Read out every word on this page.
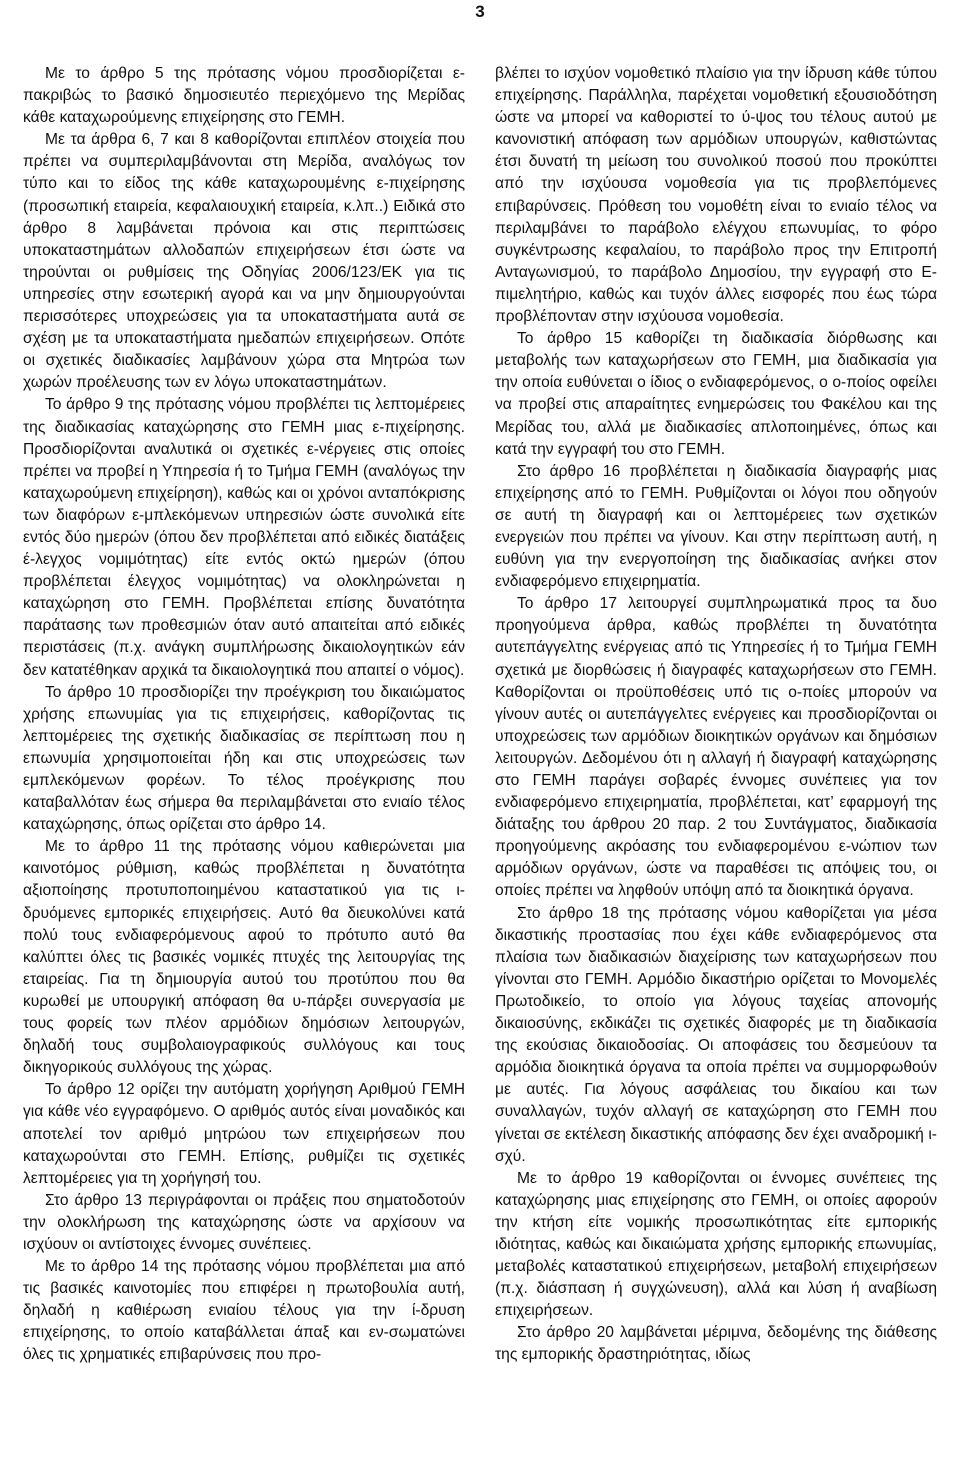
3

Με το άρθρο 5 της πρότασης νόμου προσδιορίζεται ε-πακριβώς το βασικό δημοσιευτέο περιεχόμενο της Μερίδας κάθε καταχωρούμενης επιχείρησης στο ΓΕΜΗ.

Με τα άρθρα 6, 7 και 8 καθορίζονται επιπλέον στοιχεία που πρέπει να συμπεριλαμβάνονται στη Μερίδα, αναλόγως τον τύπο και το είδος της κάθε καταχωρουμένης ε-πιχείρησης (προσωπική εταιρεία, κεφαλαιουχική εταιρεία, κ.λπ..) Ειδικά στο άρθρο 8 λαμβάνεται πρόνοια και στις περιπτώσεις υποκαταστημάτων αλλοδαπών επιχειρήσεων έτσι ώστε να τηρούνται οι ρυθμίσεις της Οδηγίας 2006/123/ΕΚ για τις υπηρεσίες στην εσωτερική αγορά και να μην δημιουργούνται περισσότερες υποχρεώσεις για τα υποκαταστήματα αυτά σε σχέση με τα υποκαταστήματα ημεδαπών επιχειρήσεων. Οπότε οι σχετικές διαδικασίες λαμβάνουν χώρα στα Μητρώα των χωρών προέλευσης των εν λόγω υποκαταστημάτων.

Το άρθρο 9 της πρότασης νόμου προβλέπει τις λεπτομέρειες της διαδικασίας καταχώρησης στο ΓΕΜΗ μιας ε-πιχείρησης. Προσδιορίζονται αναλυτικά οι σχετικές ε-νέργειες στις οποίες πρέπει να προβεί η Υπηρεσία ή το Τμήμα ΓΕΜΗ (αναλόγως την καταχωρούμενη επιχείρηση), καθώς και οι χρόνοι ανταπόκρισης των διαφόρων ε-μπλεκόμενων υπηρεσιών ώστε συνολικά είτε εντός δύο ημερών (όπου δεν προβλέπεται από ειδικές διατάξεις έ-λεγχος νομιμότητας) είτε εντός οκτώ ημερών (όπου προβλέπεται έλεγχος νομιμότητας) να ολοκληρώνεται η καταχώρηση στο ΓΕΜΗ. Προβλέπεται επίσης δυνατότητα παράτασης των προθεσμιών όταν αυτό απαιτείται από ειδικές περιστάσεις (π.χ. ανάγκη συμπλήρωσης δικαιολογητικών εάν δεν κατατέθηκαν αρχικά τα δικαιολογητικά που απαιτεί ο νόμος).

Το άρθρο 10 προσδιορίζει την προέγκριση του δικαιώματος χρήσης επωνυμίας για τις επιχειρήσεις, καθορίζοντας τις λεπτομέρειες της σχετικής διαδικασίας σε περίπτωση που η επωνυμία χρησιμοποιείται ήδη και στις υποχρεώσεις των εμπλεκόμενων φορέων. Το τέλος προέγκρισης που καταβαλλόταν έως σήμερα θα περιλαμβάνεται στο ενιαίο τέλος καταχώρησης, όπως ορίζεται στο άρθρο 14.

Με το άρθρο 11 της πρότασης νόμου καθιερώνεται μια καινοτόμος ρύθμιση, καθώς προβλέπεται η δυνατότητα αξιοποίησης προτυποποιημένου καταστατικού για τις ι-δρυόμενες εμπορικές επιχειρήσεις. Αυτό θα διευκολύνει κατά πολύ τους ενδιαφερόμενους αφού το πρότυπο αυτό θα καλύπτει όλες τις βασικές νομικές πτυχές της λειτουργίας της εταιρείας. Για τη δημιουργία αυτού του προτύπου που θα κυρωθεί με υπουργική απόφαση θα υ-πάρξει συνεργασία με τους φορείς των πλέον αρμόδιων δημόσιων λειτουργών, δηλαδή τους συμβολαιογραφικούς συλλόγους και τους δικηγορικούς συλλόγους της χώρας.

Το άρθρο 12 ορίζει την αυτόματη χορήγηση Αριθμού ΓΕΜΗ για κάθε νέο εγγραφόμενο. Ο αριθμός αυτός είναι μοναδικός και αποτελεί τον αριθμό μητρώου των επιχειρήσεων που καταχωρούνται στο ΓΕΜΗ. Επίσης, ρυθμίζει τις σχετικές λεπτομέρειες για τη χορήγησή του.

Στο άρθρο 13 περιγράφονται οι πράξεις που σηματοδοτούν την ολοκλήρωση της καταχώρησης ώστε να αρχίσουν να ισχύουν οι αντίστοιχες έννομες συνέπειες.

Με το άρθρο 14 της πρότασης νόμου προβλέπεται μια από τις βασικές καινοτομίες που επιφέρει η πρωτοβουλία αυτή, δηλαδή η καθιέρωση ενιαίου τέλους για την ί-δρυση επιχείρησης, το οποίο καταβάλλεται άπαξ και εν-σωματώνει όλες τις χρηματικές επιβαρύνσεις που προ-

βλέπει το ισχύον νομοθετικό πλαίσιο για την ίδρυση κάθε τύπου επιχείρησης. Παράλληλα, παρέχεται νομοθετική εξουσιοδότηση ώστε να μπορεί να καθοριστεί το ύ-ψος του τέλους αυτού με κανονιστική απόφαση των αρμόδιων υπουργών, καθιστώντας έτσι δυνατή τη μείωση του συνολικού ποσού που προκύπτει από την ισχύουσα νομοθεσία για τις προβλεπόμενες επιβαρύνσεις. Πρόθεση του νομοθέτη είναι το ενιαίο τέλος να περιλαμβάνει το παράβολο ελέγχου επωνυμίας, το φόρο συγκέντρωσης κεφαλαίου, το παράβολο προς την Επιτροπή Ανταγωνισμού, το παράβολο Δημοσίου, την εγγραφή στο Ε-πιμελητήριο, καθώς και τυχόν άλλες εισφορές που έως τώρα προβλέπονταν στην ισχύουσα νομοθεσία.

Το άρθρο 15 καθορίζει τη διαδικασία διόρθωσης και μεταβολής των καταχωρήσεων στο ΓΕΜΗ, μια διαδικασία για την οποία ευθύνεται ο ίδιος ο ενδιαφερόμενος, ο ο-ποίος οφείλει να προβεί στις απαραίτητες ενημερώσεις του Φακέλου και της Μερίδας του, αλλά με διαδικασίες απλοποιημένες, όπως και κατά την εγγραφή του στο ΓΕΜΗ.

Στο άρθρο 16 προβλέπεται η διαδικασία διαγραφής μιας επιχείρησης από το ΓΕΜΗ. Ρυθμίζονται οι λόγοι που οδηγούν σε αυτή τη διαγραφή και οι λεπτομέρειες των σχετικών ενεργειών που πρέπει να γίνουν. Και στην περίπτωση αυτή, η ευθύνη για την ενεργοποίηση της διαδικασίας ανήκει στον ενδιαφερόμενο επιχειρηματία.

Το άρθρο 17 λειτουργεί συμπληρωματικά προς τα δυο προηγούμενα άρθρα, καθώς προβλέπει τη δυνατότητα αυτεπάγγελτης ενέργειας από τις Υπηρεσίες ή το Τμήμα ΓΕΜΗ σχετικά με διορθώσεις ή διαγραφές καταχωρήσεων στο ΓΕΜΗ. Καθορίζονται οι προϋποθέσεις υπό τις ο-ποίες μπορούν να γίνουν αυτές οι αυτεπάγγελτες ενέργειες και προσδιορίζονται οι υποχρεώσεις των αρμόδιων διοικητικών οργάνων και δημόσιων λειτουργών. Δεδομένου ότι η αλλαγή ή διαγραφή καταχώρησης στο ΓΕΜΗ παράγει σοβαρές έννομες συνέπειες για τον ενδιαφερόμενο επιχειρηματία, προβλέπεται, κατ’ εφαρμογή της διάταξης του άρθρου 20 παρ. 2 του Συντάγματος, διαδικασία προηγούμενης ακρόασης του ενδιαφερομένου ε-νώπιον των αρμόδιων οργάνων, ώστε να παραθέσει τις απόψεις του, οι οποίες πρέπει να ληφθούν υπόψη από τα διοικητικά όργανα.

Στο άρθρο 18 της πρότασης νόμου καθορίζεται για μέσα δικαστικής προστασίας που έχει κάθε ενδιαφερόμενος στα πλαίσια των διαδικασιών διαχείρισης των καταχωρήσεων που γίνονται στο ΓΕΜΗ. Αρμόδιο δικαστήριο ορίζεται το Μονομελές Πρωτοδικείο, το οποίο για λόγους ταχείας απονομής δικαιοσύνης, εκδικάζει τις σχετικές διαφορές με τη διαδικασία της εκούσιας δικαιοδοσίας. Οι αποφάσεις του δεσμεύουν τα αρμόδια διοικητικά όργανα τα οποία πρέπει να συμμορφωθούν με αυτές. Για λόγους ασφάλειας του δικαίου και των συναλλαγών, τυχόν αλλαγή σε καταχώρηση στο ΓΕΜΗ που γίνεται σε εκτέλεση δικαστικής απόφασης δεν έχει αναδρομική ι-σχύ.

Με το άρθρο 19 καθορίζονται οι έννομες συνέπειες της καταχώρησης μιας επιχείρησης στο ΓΕΜΗ, οι οποίες αφορούν την κτήση είτε νομικής προσωπικότητας είτε εμπορικής ιδιότητας, καθώς και δικαιώματα χρήσης εμπορικής επωνυμίας, μεταβολές καταστατικού επιχειρήσεων, μεταβολή επιχειρήσεων (π.χ. διάσπαση ή συγχώνευση), αλλά και λύση ή αναβίωση επιχειρήσεων.

Στο άρθρο 20 λαμβάνεται μέριμνα, δεδομένης της διάθεσης της εμπορικής δραστηριότητας, ιδίως
